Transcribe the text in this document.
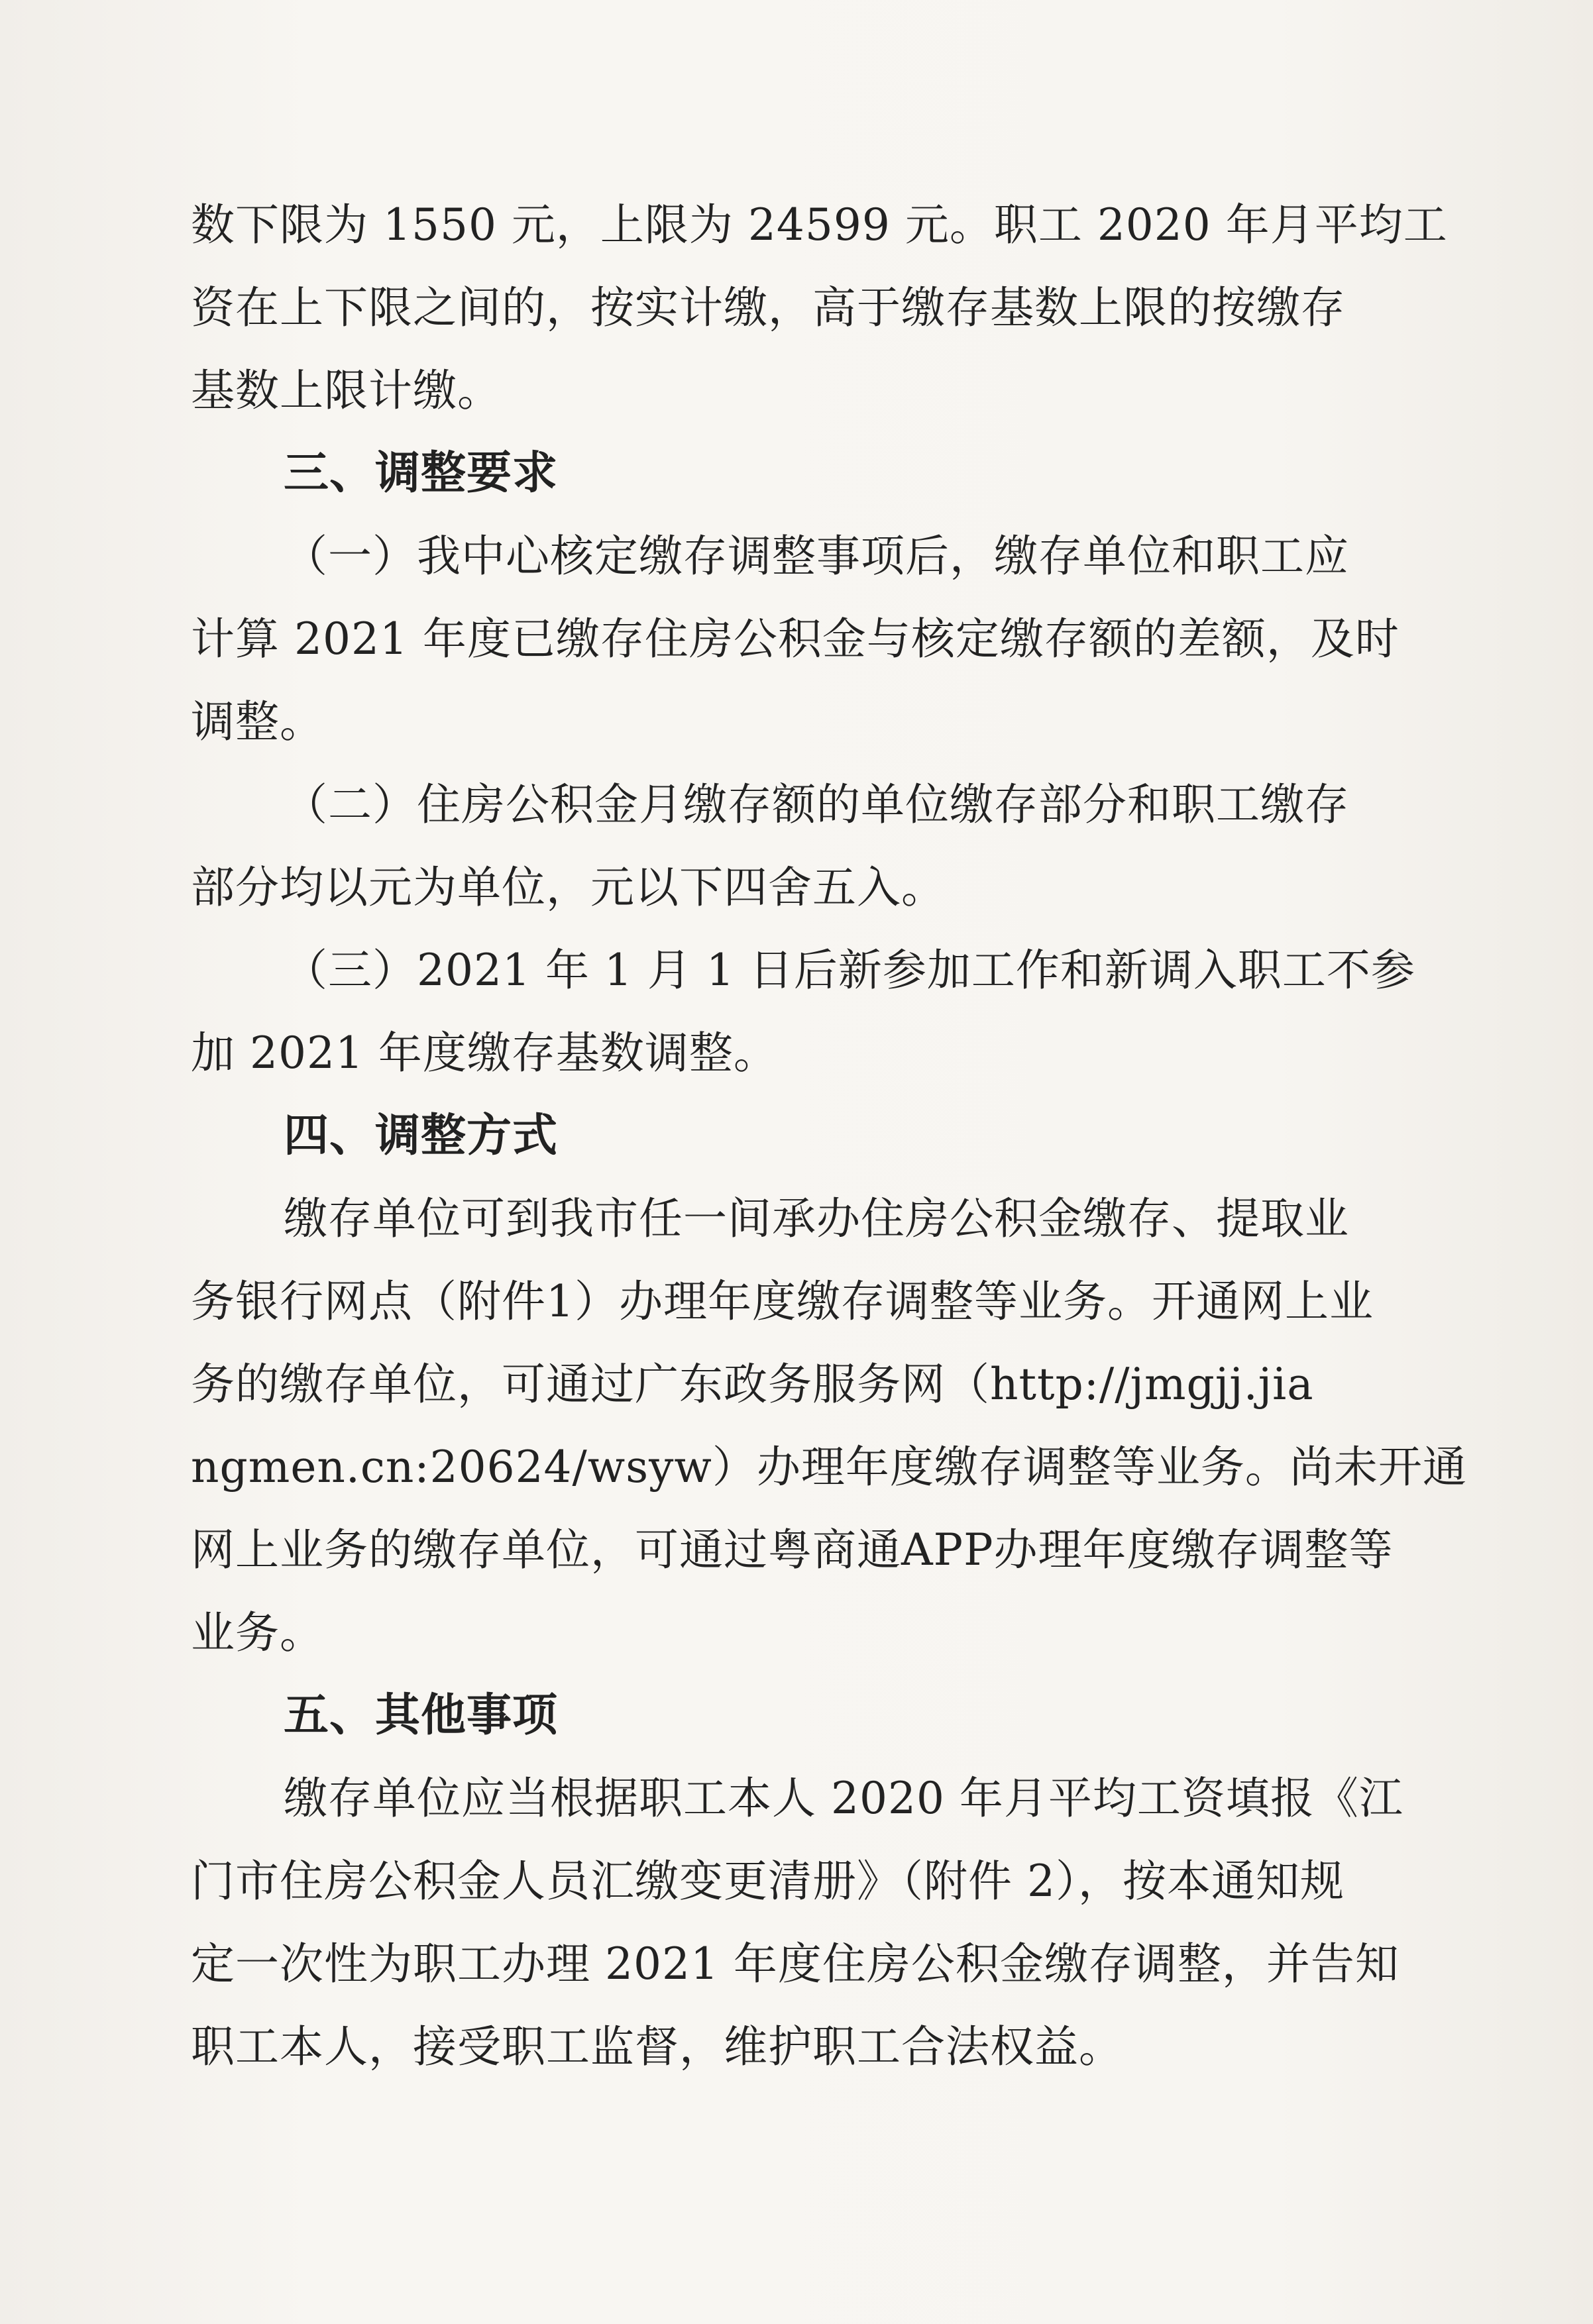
数下限为 1550 元，上限为 24599 元。职工 2020 年月平均工
资在上下限之间的，按实计缴，高于缴存基数上限的按缴存
基数上限计缴。
三、调整要求
（一）我中心核定缴存调整事项后，缴存单位和职工应
计算 2021 年度已缴存住房公积金与核定缴存额的差额，及时
调整。
（二）住房公积金月缴存额的单位缴存部分和职工缴存
部分均以元为单位，元以下四舍五入。
（三）2021 年 1 月 1 日后新参加工作和新调入职工不参
加 2021 年度缴存基数调整。
四、调整方式
缴存单位可到我市任一间承办住房公积金缴存、提取业
务银行网点（附件1）办理年度缴存调整等业务。开通网上业
务的缴存单位，可通过广东政务服务网（http://jmgjj.jia
ngmen.cn:20624/wsyw）办理年度缴存调整等业务。尚未开通
网上业务的缴存单位，可通过粤商通APP办理年度缴存调整等
业务。
五、其他事项
缴存单位应当根据职工本人 2020 年月平均工资填报《江
门市住房公积金人员汇缴变更清册》（附件 2），按本通知规
定一次性为职工办理 2021 年度住房公积金缴存调整，并告知
职工本人，接受职工监督，维护职工合法权益。
